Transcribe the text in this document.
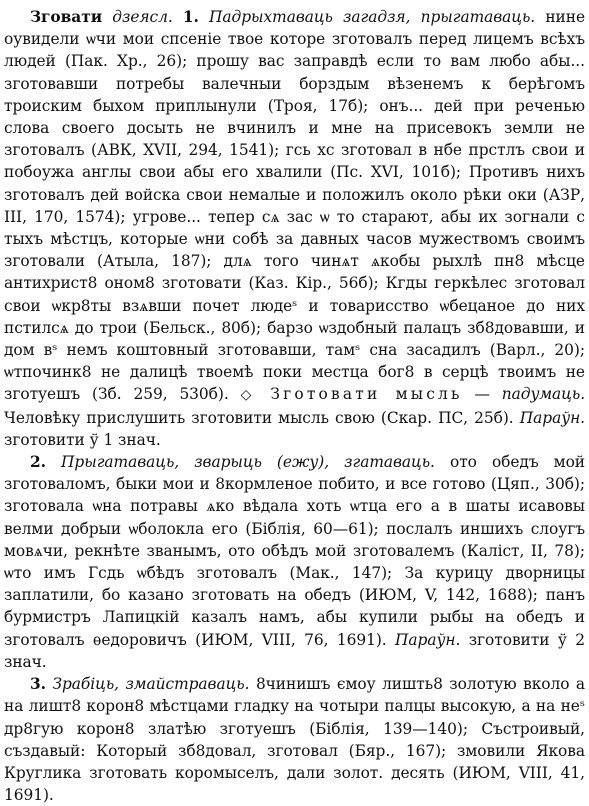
Зговати дзеясл. 1. Падрыхтаваць загадзя, прыгатаваць. нине оувидели ѡчи мои спсеніе твое которе зготовалъ перед лицемъ всѣхъ людей (Пак. Хр., 26); прошу вас заправдѣ если то вам любо абы... зготовавши потребы валечныи борздым вѣзенемъ к берѣгомъ троиским быхом приплынули (Троя, 17б); онъ... дей при реченью слова своего досыть не вчинилъ и мне на присевокъ земли не зготовалъ (АВК, XVII, 294, 1541); гсь хс зготовал в нбе прстлъ свои и побоужа англы свои абы его хвалили (Пс. XVI, 101б); Противъ нихъ зготовалъ дей войска свои немалые и положилъ около рѣки оки (АЗР, III, 170, 1574); угрове... тепер сѧ зас ѡ то старают, абы их зогнали с тыхъ мѣстцъ, которые ѡни собѣ за давных часов мужествомъ своимъ зготовали (Атыла, 187); длѧ того чинѧт ѧкобы рыхлѣ пн8 мѣсце антихрист8 оном8 зготовати (Каз. Кір., 56б); Кгды геркѣлес зготовал свои ѡкр8ты взѧвши почет людеˢ и товарисство ѡбецаное до них пстилсѧ до трои (Бельск., 80б); барзо ѡздобный палацъ зб8довавши, и дом вˢ немъ коштовный зготовавши, тамˢ сна засадилъ (Варл., 20); ѡтпочинк8 не далицѣ твоемѣ поки местца бог8 в серцѣ твоимъ не зготуешъ (Зб. 259, 530б). ◇ Зготовати мысль — падумаць. Человѣку прислушить зготовити мысль свою (Скар. ПС, 25б). Параўн. зготовити ў 1 знач.

2. Прыгатаваць, зварыць (ежу), згатаваць. ото обедъ мой зготоваломъ, быки мои и 8кормленое побито, и все готово (Цяп., 30б); зготовала ѡна потравы ѧко вѣдала хоть ѡтца его а в шаты исавовы велми добрыи ѡболокла его (Біблія, 60—61); послалъ иншихъ слоугъ мовѧчи, рекнѣте званымъ, ото обѣдъ мой зготовалемъ (Каліст, II, 78); ѡто имъ Гсдь ѡбѣдъ зготовалъ (Мак., 147); За курицу дворницы заплатили, бо казано зготовать на обедъ (ИЮМ, V, 142, 1688); панъ бурмистръ Лапицкій казалъ намъ, абы купили рыбы на обедъ и зготовалъ ѳедоровичъ (ИЮМ, VIII, 76, 1691). Параўн. зготовити ў 2 знач.

3. Зрабіць, змайстраваць. 8чинишъ ємоу лишть8 золотую вколо а на лишт8 корон8 мѣстцами гладку на чотыри палцы высокую, а на неˢ др8гую корон8 златѣю зготуешъ (Біблія, 139—140); Състроивый, създавый: Который зб8довал, зготовал (Бяр., 167); змовили Якова Круглика зготовать коромыселъ, дали золот. десять (ИЮМ, VIII, 41, 1691).
